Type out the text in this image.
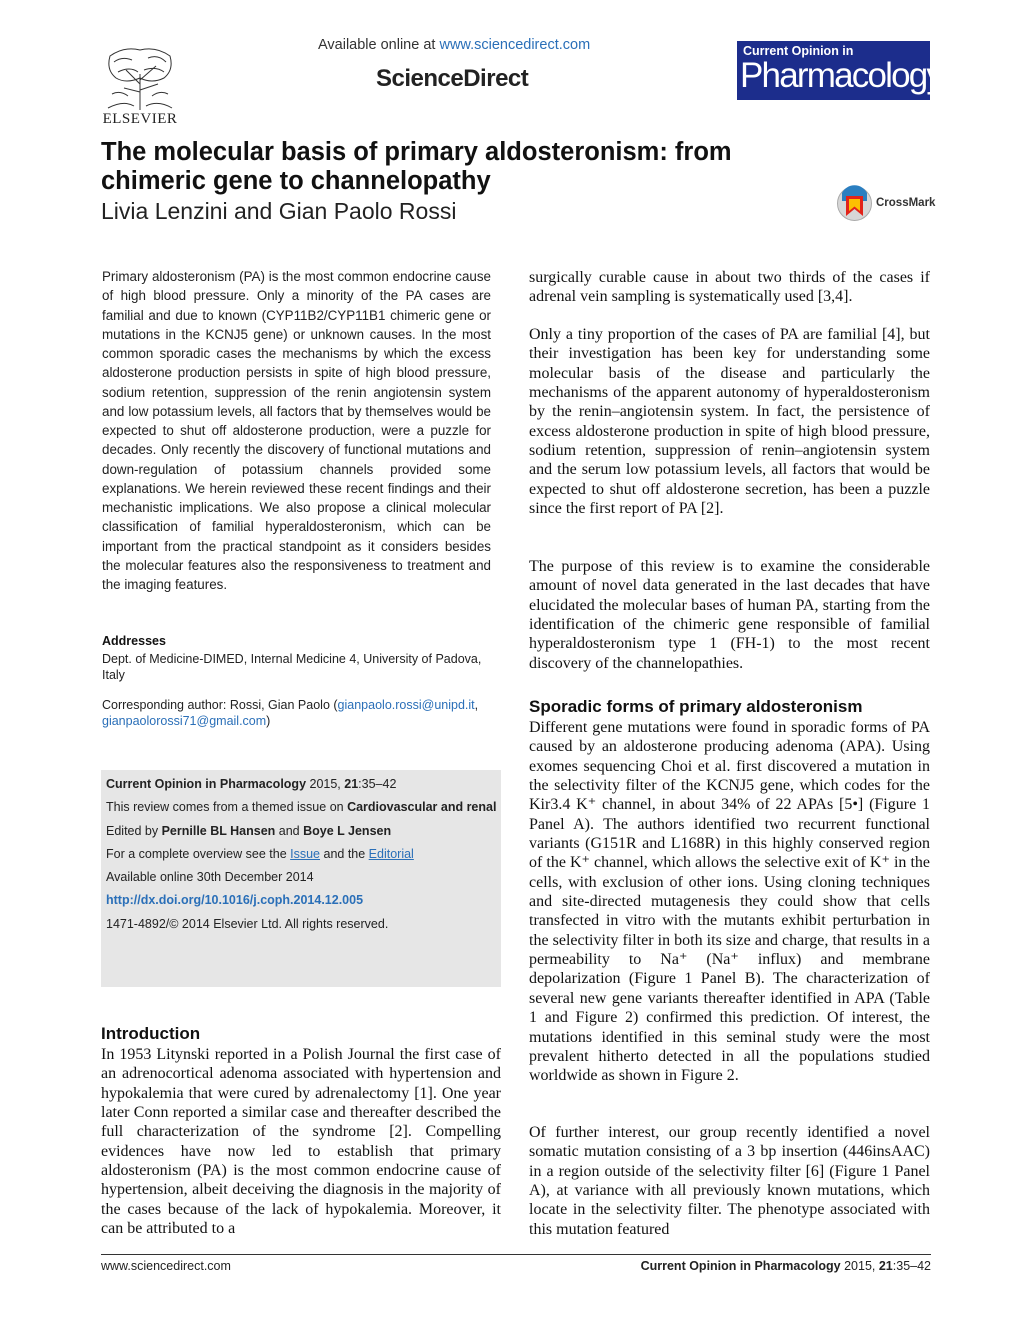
ELSEVIER
Available online at www.sciencedirect.com
ScienceDirect
Current Opinion in
Pharmacology
The molecular basis of primary aldosteronism: from chimeric gene to channelopathy
Livia Lenzini and Gian Paolo Rossi	CrossMark
Primary aldosteronism (PA) is the most common endocrine cause of high blood pressure. Only a minority of the PA cases are familial and due to known (CYP11B2/CYP11B1 chimeric gene or mutations in the KCNJ5 gene) or unknown causes. In the most common sporadic cases the mechanisms by which the excess aldosterone production persists in spite of high blood pressure, sodium retention, suppression of the renin angiotensin system and low potassium levels, all factors that by themselves would be expected to shut off aldosterone production, were a puzzle for decades. Only recently the discovery of functional mutations and down-regulation of potassium channels provided some explanations. We herein reviewed these recent findings and their mechanistic implications. We also propose a clinical molecular classification of familial hyperaldosteronism, which can be important from the practical standpoint as it considers besides the molecular features also the responsiveness to treatment and the imaging features.
Addresses
Dept. of Medicine-DIMED, Internal Medicine 4, University of Padova, Italy
Corresponding author: Rossi, Gian Paolo (gianpaolo.rossi@unipd.it,
gianpaolorossi71@gmail.com)
Current Opinion in Pharmacology 2015, 21:35–42
This review comes from a themed issue on Cardiovascular and renal
Edited by Pernille BL Hansen and Boye L Jensen
For a complete overview see the Issue and the Editorial
Available online 30th December 2014
http://dx.doi.org/10.1016/j.coph.2014.12.005
1471-4892/© 2014 Elsevier Ltd. All rights reserved.
Introduction
In 1953 Litynski reported in a Polish Journal the first case of an adrenocortical adenoma associated with hypertension and hypokalemia that were cured by adrenalectomy [1]. One year later Conn reported a similar case and thereafter described the full characterization of the syndrome [2]. Compelling evidences have now led to establish that primary aldosteronism (PA) is the most common endocrine cause of hypertension, albeit deceiving the diagnosis in the majority of the cases because of the lack of hypokalemia. Moreover, it can be attributed to a
surgically curable cause in about two thirds of the cases if adrenal vein sampling is systematically used [3,4].
Only a tiny proportion of the cases of PA are familial [4], but their investigation has been key for understanding some molecular basis of the disease and particularly the mechanisms of the apparent autonomy of hyperaldosteronism by the renin–angiotensin system. In fact, the persistence of excess aldosterone production in spite of high blood pressure, sodium retention, suppression of renin–angiotensin system and the serum low potassium levels, all factors that would be expected to shut off aldosterone secretion, has been a puzzle since the first report of PA [2].
The purpose of this review is to examine the considerable amount of novel data generated in the last decades that have elucidated the molecular bases of human PA, starting from the identification of the chimeric gene responsible of familial hyperaldosteronism type 1 (FH-1) to the most recent discovery of the channelopathies.
Sporadic forms of primary aldosteronism
Different gene mutations were found in sporadic forms of PA caused by an aldosterone producing adenoma (APA). Using exomes sequencing Choi et al. first discovered a mutation in the selectivity filter of the KCNJ5 gene, which codes for the Kir3.4 K⁺ channel, in about 34% of 22 APAs [5•] (Figure 1 Panel A). The authors identified two recurrent functional variants (G151R and L168R) in this highly conserved region of the K⁺ channel, which allows the selective exit of K⁺ in the cells, with exclusion of other ions. Using cloning techniques and site-directed mutagenesis they could show that cells transfected in vitro with the mutants exhibit perturbation in the selectivity filter in both its size and charge, that results in a permeability to Na⁺ (Na⁺ influx) and membrane depolarization (Figure 1 Panel B). The characterization of several new gene variants thereafter identified in APA (Table 1 and Figure 2) confirmed this prediction. Of interest, the mutations identified in this seminal study were the most prevalent hitherto detected in all the populations studied worldwide as shown in Figure 2.
Of further interest, our group recently identified a novel somatic mutation consisting of a 3 bp insertion (446insAAC) in a region outside of the selectivity filter [6] (Figure 1 Panel A), at variance with all previously known mutations, which locate in the selectivity filter. The phenotype associated with this mutation featured
www.sciencedirect.com	Current Opinion in Pharmacology 2015, 21:35–42
